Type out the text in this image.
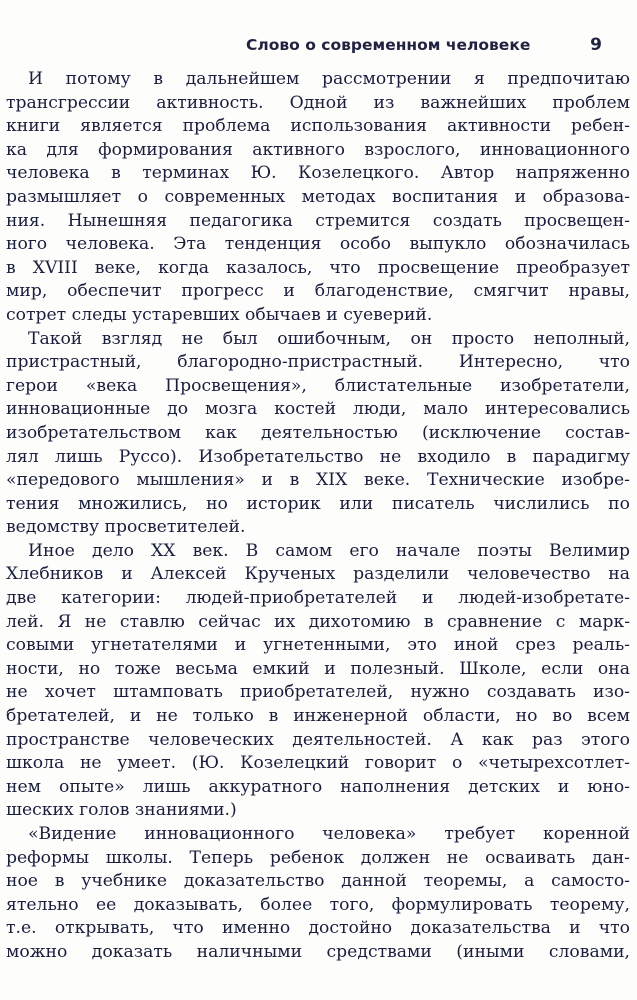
Слово о современном человеке	9
И потому в дальнейшем рассмотрении я предпочитаю
трансгрессии активность. Одной из важнейших проблем
книги является проблема использования активности ребен-
ка для формирования активного взрослого, инновационного
человека в терминах Ю. Козелецкого. Автор напряженно
размышляет о современных методах воспитания и образова-
ния. Нынешняя педагогика стремится создать просвещен-
ного человека. Эта тенденция особо выпукло обозначилась
в XVIII веке, когда казалось, что просвещение преобразует
мир, обеспечит прогресс и благоденствие, смягчит нравы,
сотрет следы устаревших обычаев и суеверий.
Такой взгляд не был ошибочным, он просто неполный,
пристрастный, благородно-пристрастный. Интересно, что
герои «века Просвещения», блистательные изобретатели,
инновационные до мозга костей люди, мало интересовались
изобретательством как деятельностью (исключение состав-
лял лишь Руссо). Изобретательство не входило в парадигму
«передового мышления» и в XIX веке. Технические изобре-
тения множились, но историк или писатель числились по
ведомству просветителей.
Иное дело XX век. В самом его начале поэты Велимир
Хлебников и Алексей Крученых разделили человечество на
две категории: людей-приобретателей и людей-изобретате-
лей. Я не ставлю сейчас их дихотомию в сравнение с марк-
совыми угнетателями и угнетенными, это иной срез реаль-
ности, но тоже весьма емкий и полезный. Школе, если она
не хочет штамповать приобретателей, нужно создавать изо-
бретателей, и не только в инженерной области, но во всем
пространстве человеческих деятельностей. А как раз этого
школа не умеет. (Ю. Козелецкий говорит о «четырехсотлет-
нем опыте» лишь аккуратного наполнения детских и юно-
шеских голов знаниями.)
«Видение инновационного человека» требует коренной
реформы школы. Теперь ребенок должен не осваивать дан-
ное в учебнике доказательство данной теоремы, а самосто-
ятельно ее доказывать, более того, формулировать теорему,
т.е. открывать, что именно достойно доказательства и что
можно доказать наличными средствами (иными словами,
